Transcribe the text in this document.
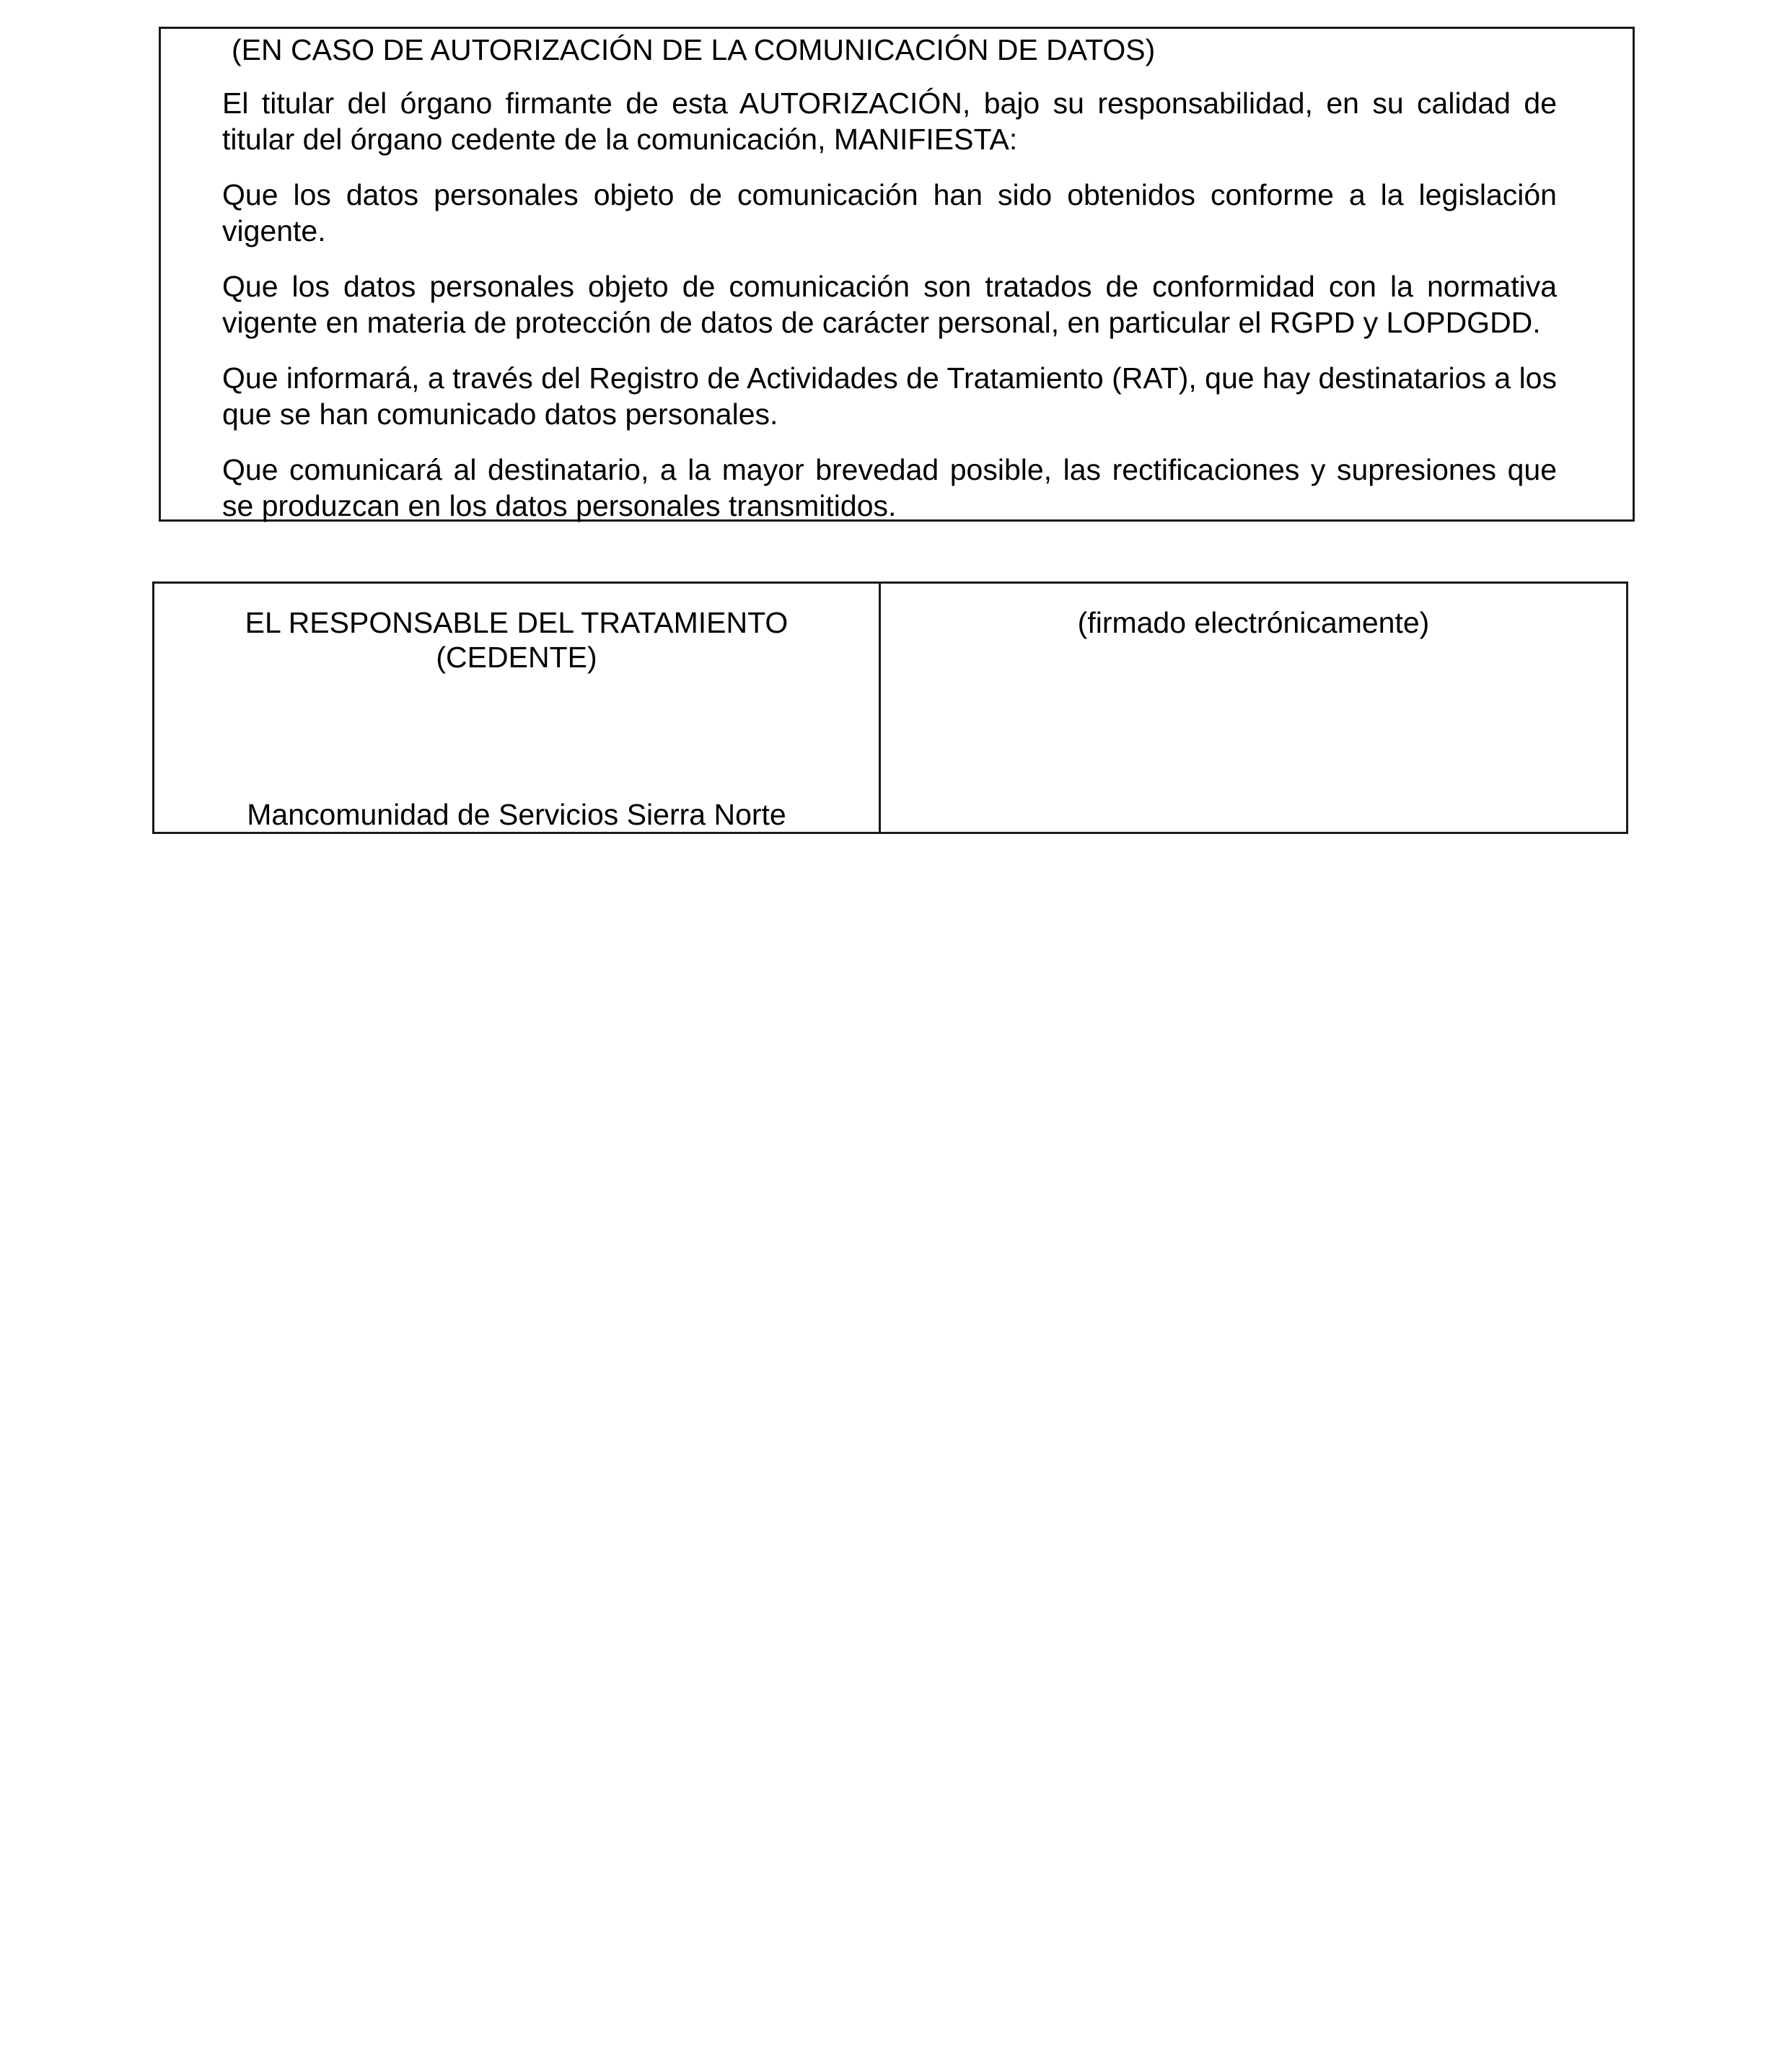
(EN CASO DE AUTORIZACIÓN DE LA COMUNICACIÓN DE DATOS)
El titular del órgano firmante de esta AUTORIZACIÓN, bajo su responsabilidad, en su calidad de titular del órgano cedente de la comunicación, MANIFIESTA:
Que los datos personales objeto de comunicación han sido obtenidos conforme a la legislación vigente.
Que los datos personales objeto de comunicación son tratados de conformidad con la normativa vigente en materia de protección de datos de carácter personal, en particular el RGPD y LOPDGDD.
Que informará, a través del Registro de Actividades de Tratamiento (RAT), que hay destinatarios a los que se han comunicado datos personales.
Que comunicará al destinatario, a la mayor brevedad posible, las rectificaciones y supresiones que se produzcan en los datos personales transmitidos.
EL RESPONSABLE DEL TRATAMIENTO
(CEDENTE)
Mancomunidad de Servicios Sierra Norte
(firmado electrónicamente)
